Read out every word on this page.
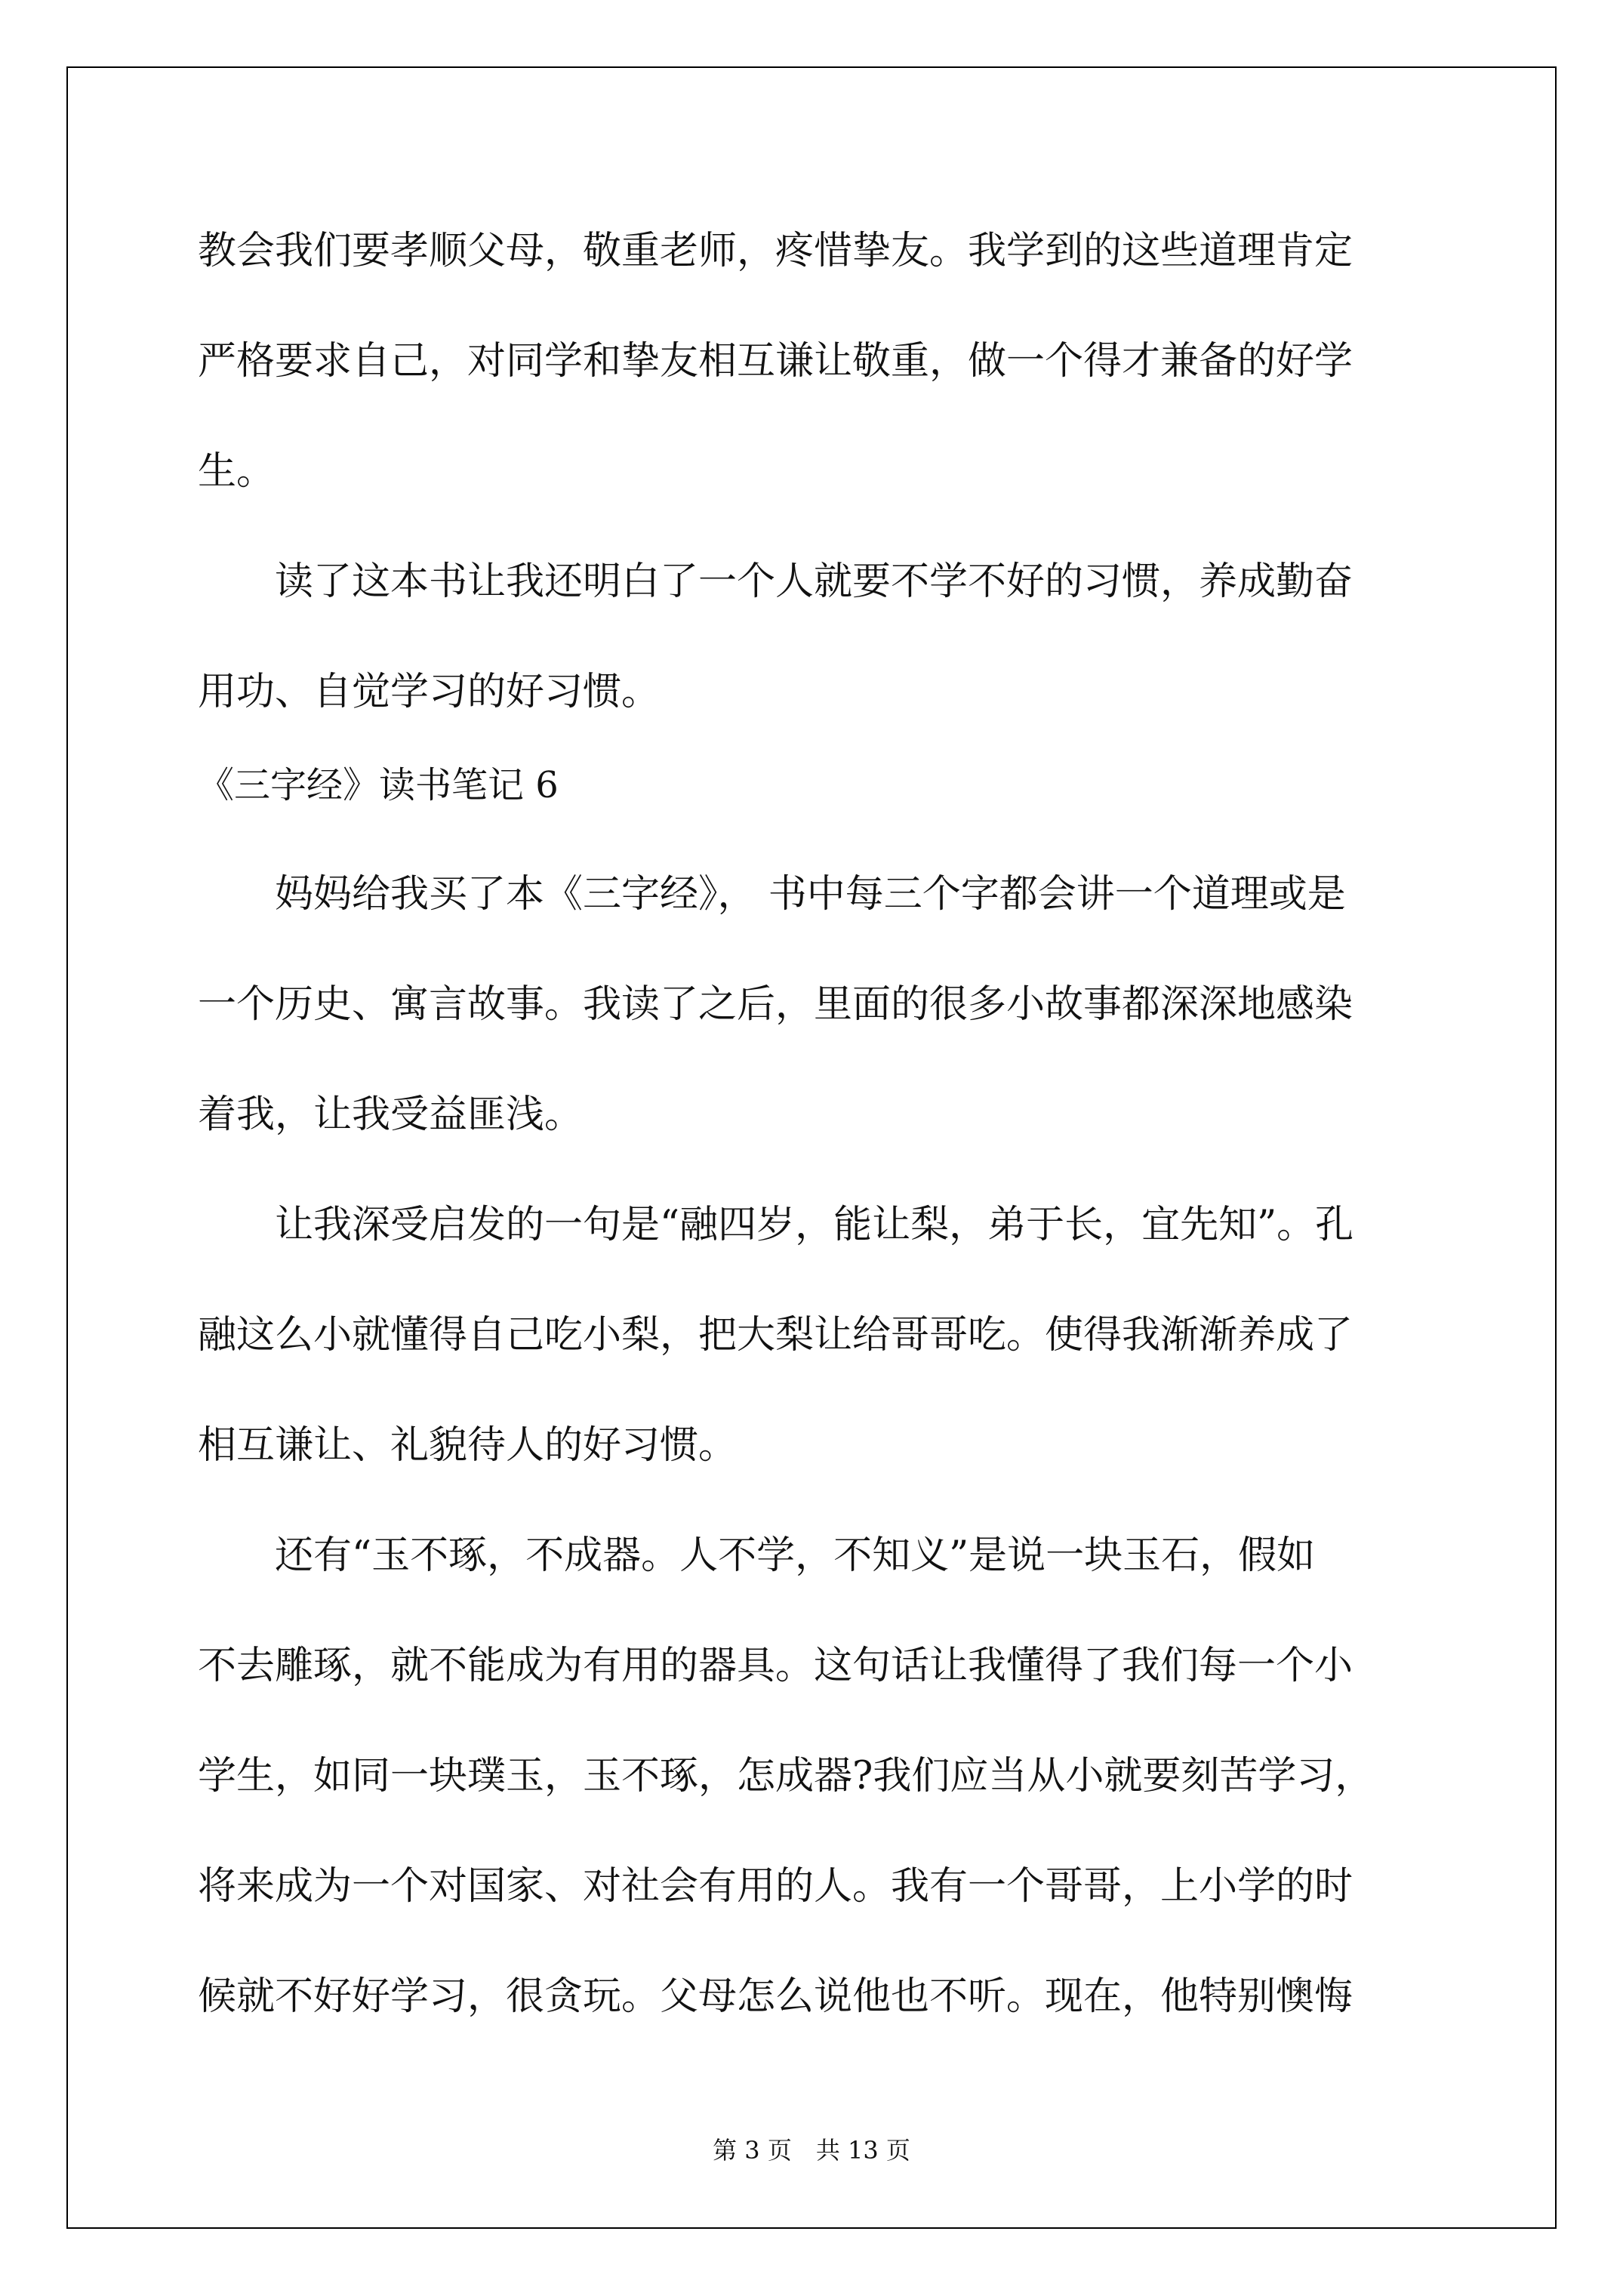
教会我们要孝顺父母，敬重老师，疼惜挚友。我学到的这些道理肯定
严格要求自己，对同学和挚友相互谦让敬重，做一个得才兼备的好学
生。
　　读了这本书让我还明白了一个人就要不学不好的习惯，养成勤奋
用功、自觉学习的好习惯。
《三字经》读书笔记 6
　　妈妈给我买了本《三字经》， 书中每三个字都会讲一个道理或是
一个历史、寓言故事。我读了之后，里面的很多小故事都深深地感染
着我，让我受益匪浅。
　　让我深受启发的一句是“融四岁，能让梨，弟于长，宜先知”。孔
融这么小就懂得自己吃小梨，把大梨让给哥哥吃。使得我渐渐养成了
相互谦让、礼貌待人的好习惯。
　　还有“玉不琢，不成器。人不学，不知义”是说一块玉石，假如
不去雕琢，就不能成为有用的器具。这句话让我懂得了我们每一个小
学生，如同一块璞玉，玉不琢，怎成器?我们应当从小就要刻苦学习，
将来成为一个对国家、对社会有用的人。我有一个哥哥，上小学的时
候就不好好学习，很贪玩。父母怎么说他也不听。现在，他特别懊悔
第 3 页　共 13 页
